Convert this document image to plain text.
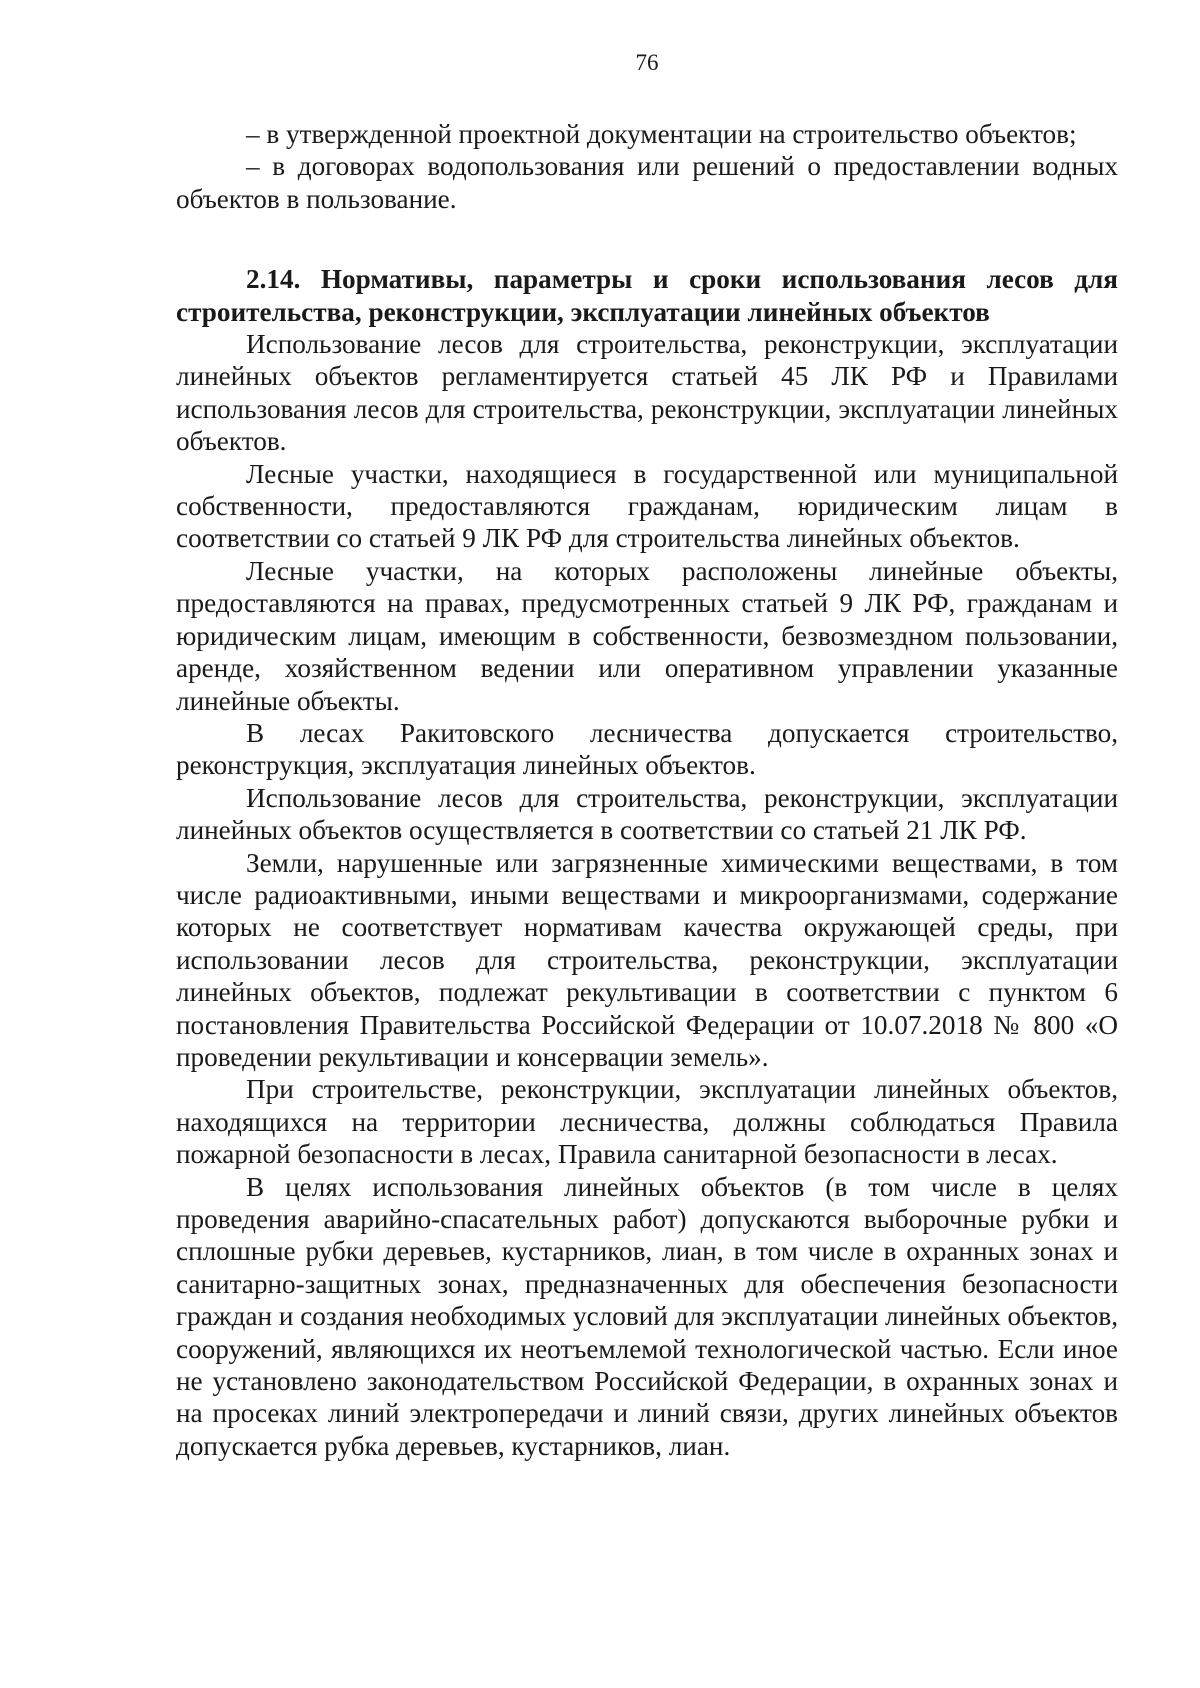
76

– в утвержденной проектной документации на строительство объектов;

– в договорах водопользования или решений о предоставлении водных объектов в пользование.

2.14. Нормативы, параметры и сроки использования лесов для строительства, реконструкции, эксплуатации линейных объектов

Использование лесов для строительства, реконструкции, эксплуатации линейных объектов регламентируется статьей 45 ЛК РФ и Правилами использования лесов для строительства, реконструкции, эксплуатации линейных объектов.

Лесные участки, находящиеся в государственной или муниципальной собственности, предоставляются гражданам, юридическим лицам в соответствии со статьей 9 ЛК РФ для строительства линейных объектов.

Лесные участки, на которых расположены линейные объекты, предоставляются на правах, предусмотренных статьей 9 ЛК РФ, гражданам и юридическим лицам, имеющим в собственности, безвозмездном пользовании, аренде, хозяйственном ведении или оперативном управлении указанные линейные объекты.

В лесах Ракитовского лесничества допускается строительство, реконструкция, эксплуатация линейных объектов.

Использование лесов для строительства, реконструкции, эксплуатации линейных объектов осуществляется в соответствии со статьей 21 ЛК РФ.

Земли, нарушенные или загрязненные химическими веществами, в том числе радиоактивными, иными веществами и микроорганизмами, содержание которых не соответствует нормативам качества окружающей среды, при использовании лесов для строительства, реконструкции, эксплуатации линейных объектов, подлежат рекультивации в соответствии с пунктом 6 постановления Правительства Российской Федерации от 10.07.2018 № 800 «О проведении рекультивации и консервации земель».

При строительстве, реконструкции, эксплуатации линейных объектов, находящихся на территории лесничества, должны соблюдаться Правила пожарной безопасности в лесах, Правила санитарной безопасности в лесах.

В целях использования линейных объектов (в том числе в целях проведения аварийно-спасательных работ) допускаются выборочные рубки и сплошные рубки деревьев, кустарников, лиан, в том числе в охранных зонах и санитарно-защитных зонах, предназначенных для обеспечения безопасности граждан и создания необходимых условий для эксплуатации линейных объектов, сооружений, являющихся их неотъемлемой технологической частью. Если иное не установлено законодательством Российской Федерации, в охранных зонах и на просеках линий электропередачи и линий связи, других линейных объектов допускается рубка деревьев, кустарников, лиан.
